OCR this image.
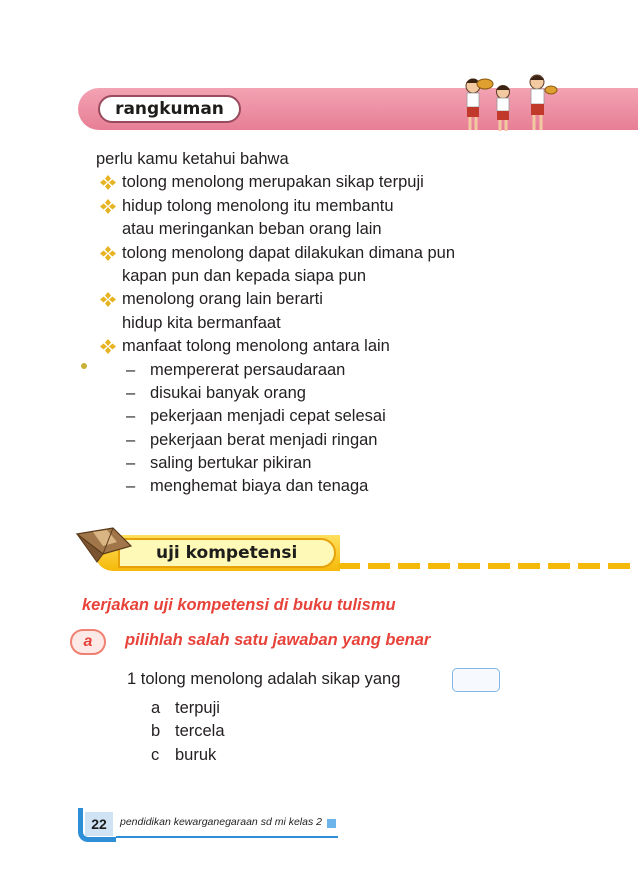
rangkuman
perlu kamu ketahui bahwa
tolong menolong merupakan sikap terpuji
hidup tolong menolong itu membantu
atau meringankan beban orang lain
tolong menolong dapat dilakukan dimana pun
kapan pun dan kepada siapa pun
menolong orang lain berarti
hidup kita bermanfaat
manfaat tolong menolong antara lain
– mempererat persaudaraan
– disukai banyak orang
– pekerjaan menjadi cepat selesai
– pekerjaan berat menjadi ringan
– saling bertukar pikiran
– menghemat biaya dan tenaga
uji kompetensi
kerjakan uji kompetensi di buku tulismu
a	pilihlah salah satu jawaban yang benar
1 tolong menolong adalah sikap yang
a terpuji
b tercela
c buruk
22	pendidikan kewarganegaraan sd mi kelas 2
